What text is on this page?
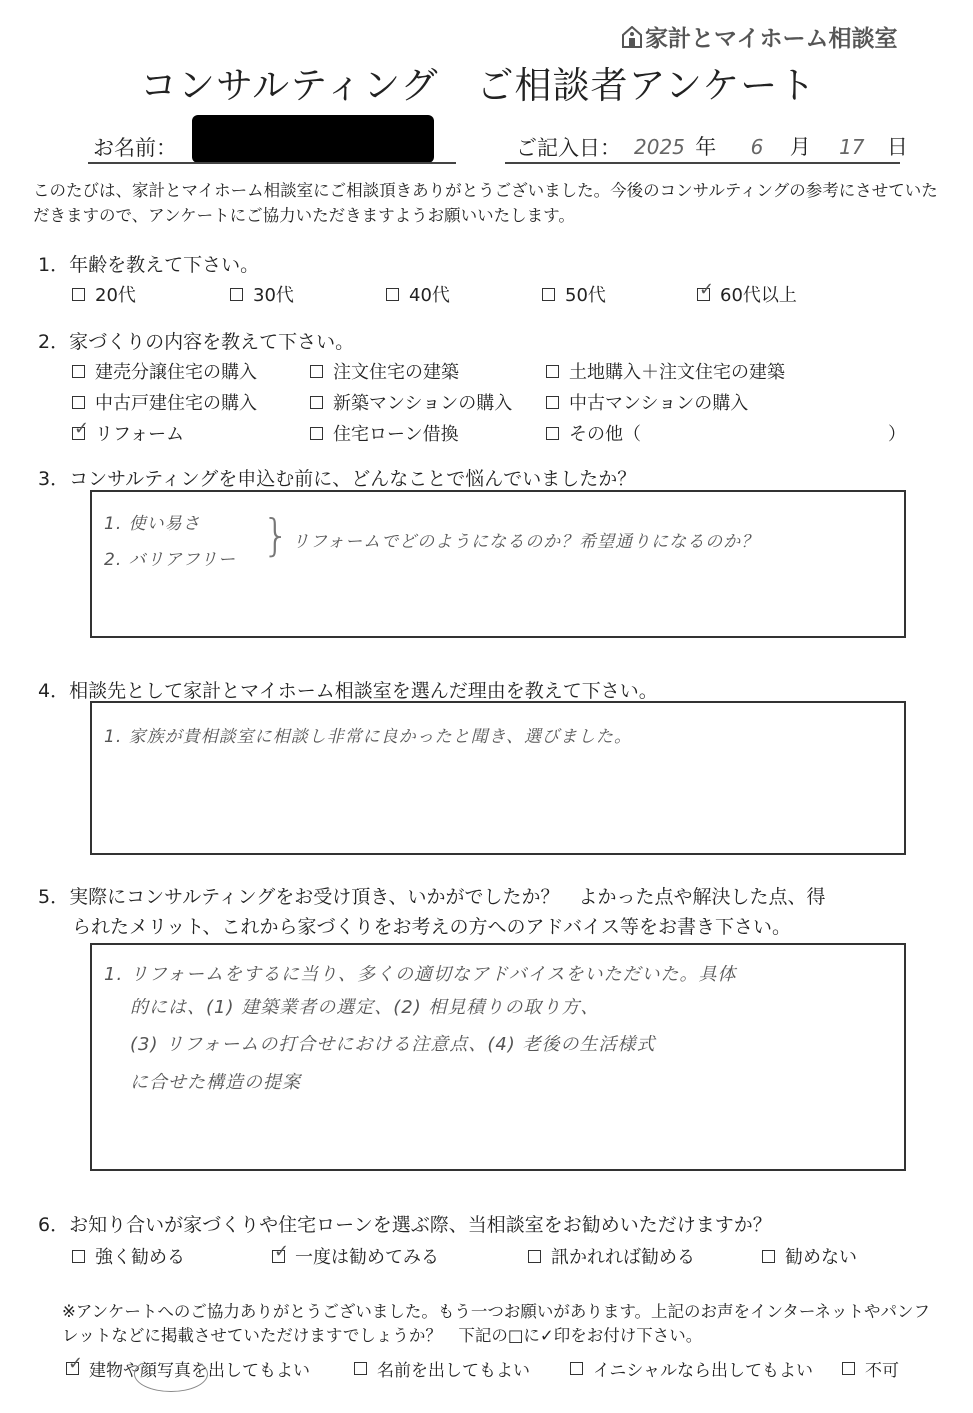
家計とマイホーム相談室
コンサルティング　ご相談者アンケート
お名前：	ご記入日： 2025 年 6 月 17 日
このたびは、家計とマイホーム相談室にご相談頂きありがとうございました。今後のコンサルティングの参考にさせていただきますので、アンケートにご協力いただきますようお願いいたします。
1．年齢を教えて下さい。
20代	30代	40代	50代 ✓	60代以上
2．家づくりの内容を教えて下さい。
建売分譲住宅の購入	注文住宅の建築	土地購入＋注文住宅の建築
中古戸建住宅の購入	新築マンションの購入	中古マンションの購入
✓
リフォーム	住宅ローン借換	その他（	）
3．コンサルティングを申込む前に、どんなことで悩んでいましたか？
1. 使い易さ
2. バリアフリー } リフォームでどのようになるのか？希望通りになるのか？
4．相談先として家計とマイホーム相談室を選んだ理由を教えて下さい。
1. 家族が貴相談室に相談し非常に良かったと聞き、選びました。
5．実際にコンサルティングをお受け頂き、いかがでしたか？　よかった点や解決した点、得
られたメリット、これから家づくりをお考えの方へのアドバイス等をお書き下さい。
1. リフォームをするに当り、多くの適切なアドバイスをいただいた。具体
的には、(1) 建築業者の選定、(2) 相見積りの取り方、
(3) リフォームの打合せにおける注意点、(4) 老後の生活様式
に合せた構造の提案
6．お知り合いが家づくりや住宅ローンを選ぶ際、当相談室をお勧めいただけますか？
強く勧める ✓	一度は勧めてみる	訊かれれば勧める	勧めない
※アンケートへのご協力ありがとうございました。もう一つお願いがあります。上記のお声をインターネットやパンフレットなどに掲載させていただけますでしょうか？　下記の□に✓印をお付け下さい。
✓
建物や顔写真を出してもよい	名前を出してもよい	イニシャルなら出してもよい	不可
